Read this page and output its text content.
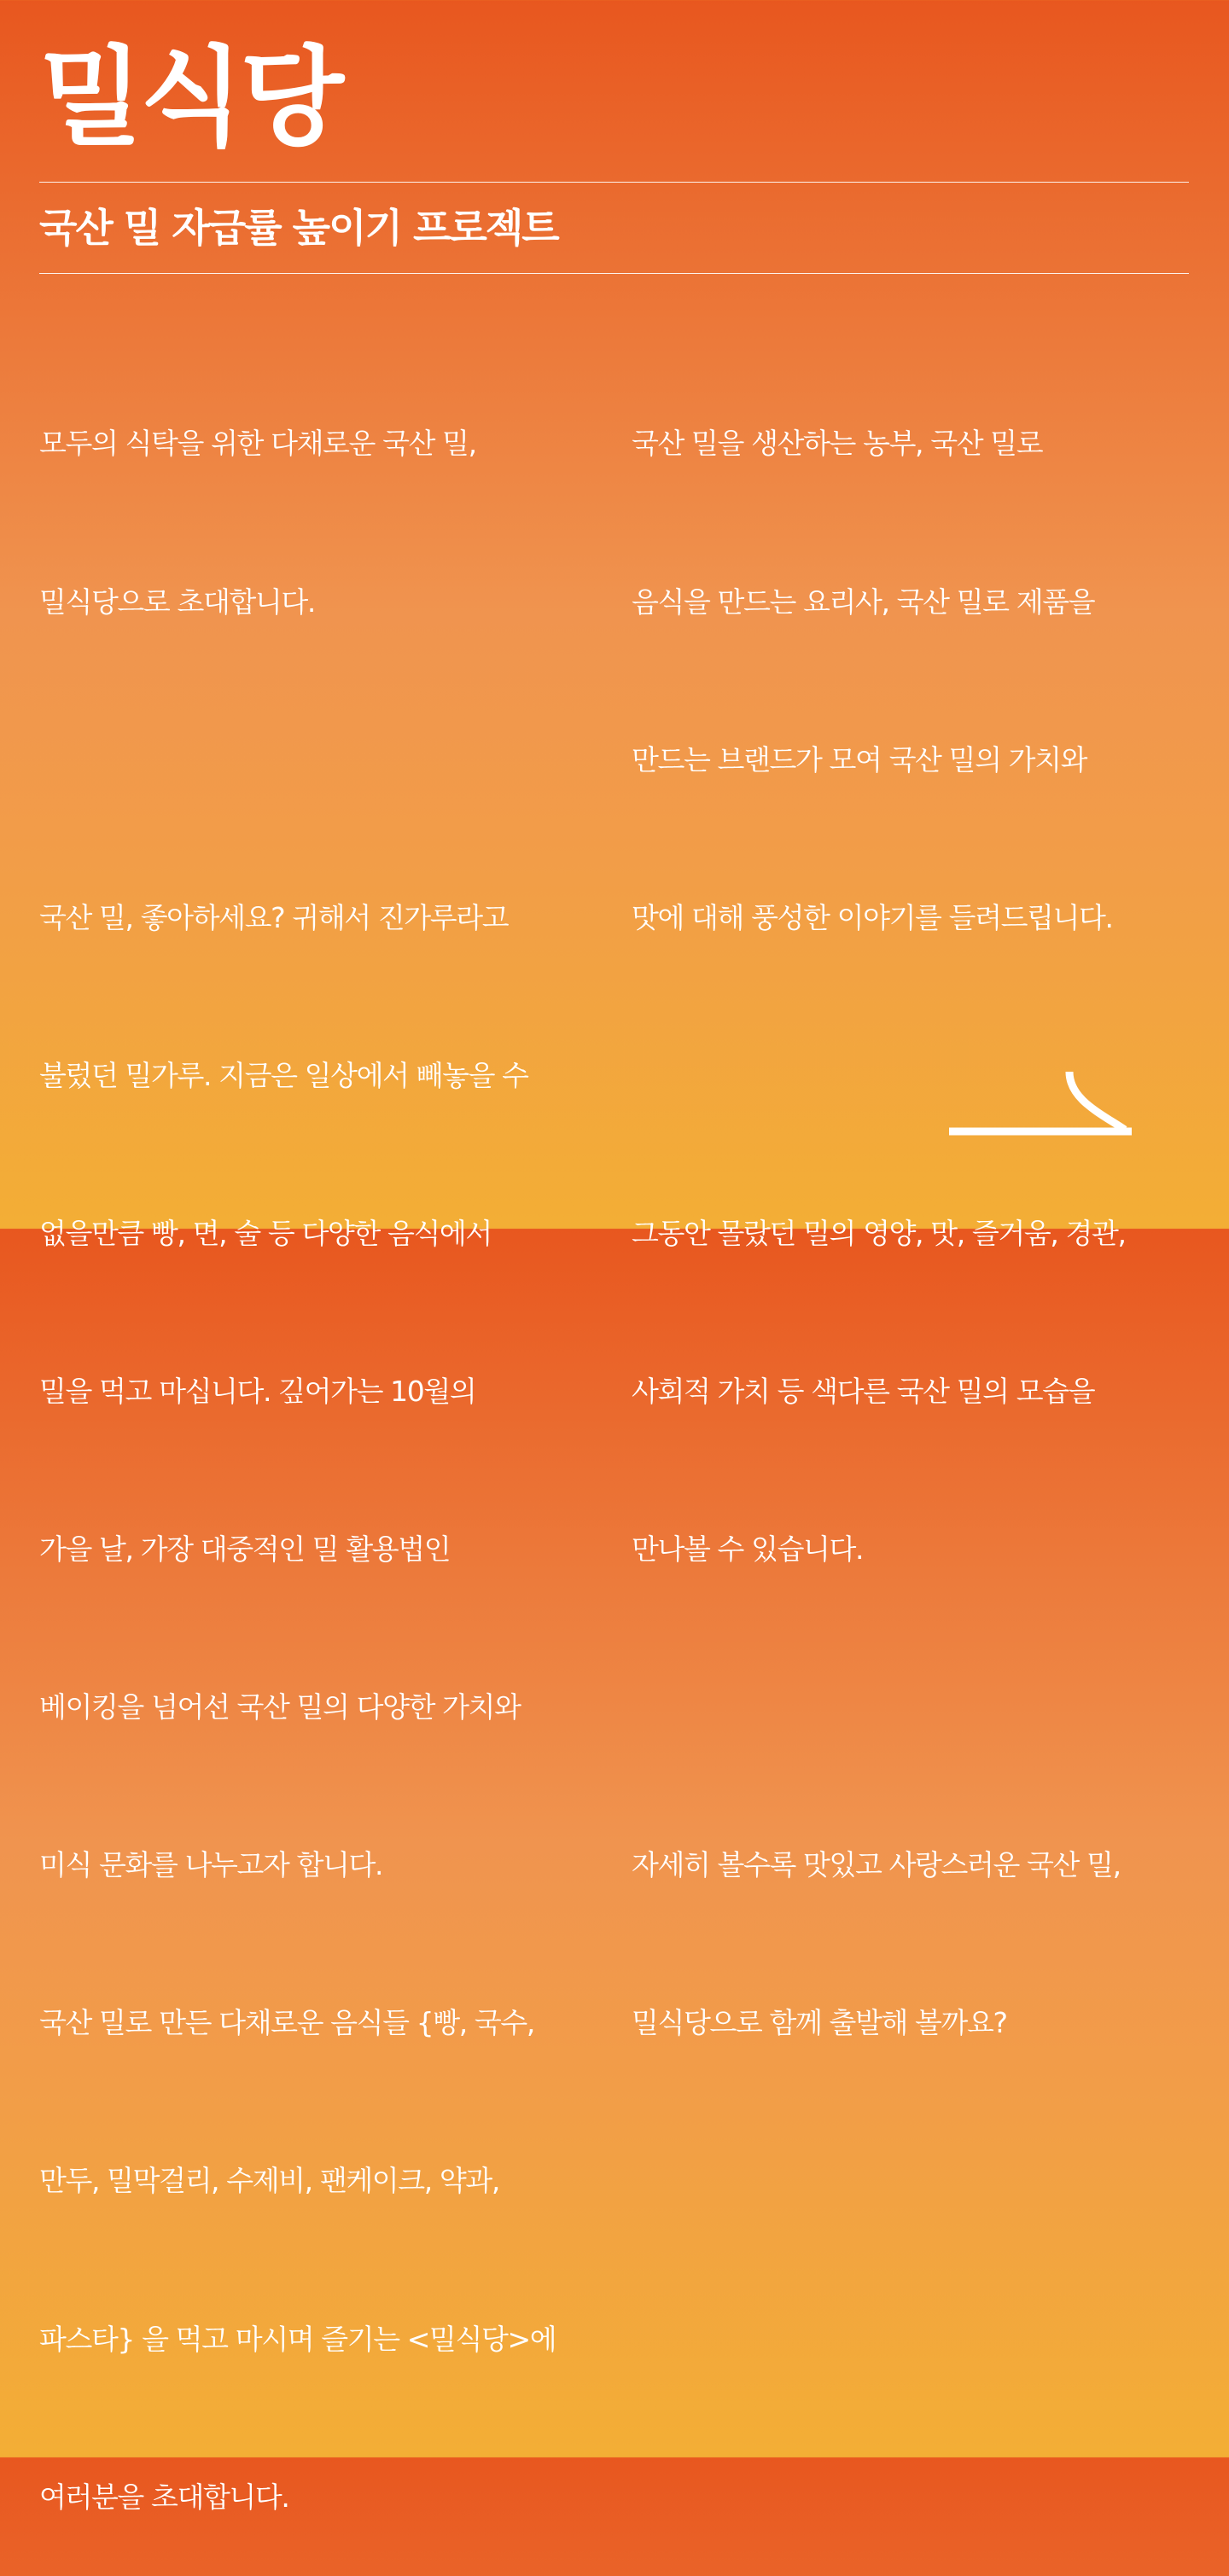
밀식당
국산 밀 자급률 높이기 프로젝트

모두의 식탁을 위한 다채로운 국산 밀,

밀식당으로 초대합니다.

국산 밀, 좋아하세요? 귀해서 진가루라고

불렀던 밀가루. 지금은 일상에서 빼놓을 수

없을만큼 빵, 면, 술 등 다양한 음식에서

밀을 먹고 마십니다. 깊어가는 10월의

가을 날, 가장 대중적인 밀 활용법인

베이킹을 넘어선 국산 밀의 다양한 가치와

미식 문화를 나누고자 합니다.

국산 밀로 만든 다채로운 음식들 {빵, 국수,

만두, 밀막걸리, 수제비, 팬케이크, 약과,

파스타} 을 먹고 마시며 즐기는 <밀식당>에

여러분을 초대합니다.

국산 밀을 생산하는 농부, 국산 밀로

음식을 만드는 요리사, 국산 밀로 제품을

만드는 브랜드가 모여 국산 밀의 가치와

맛에 대해 풍성한 이야기를 들려드립니다.

그동안 몰랐던 밀의 영양, 맛, 즐거움, 경관,

사회적 가치 등 색다른 국산 밀의 모습을

만나볼 수 있습니다.

자세히 볼수록 맛있고 사랑스러운 국산 밀,

밀식당으로 함께 출발해 볼까요?
